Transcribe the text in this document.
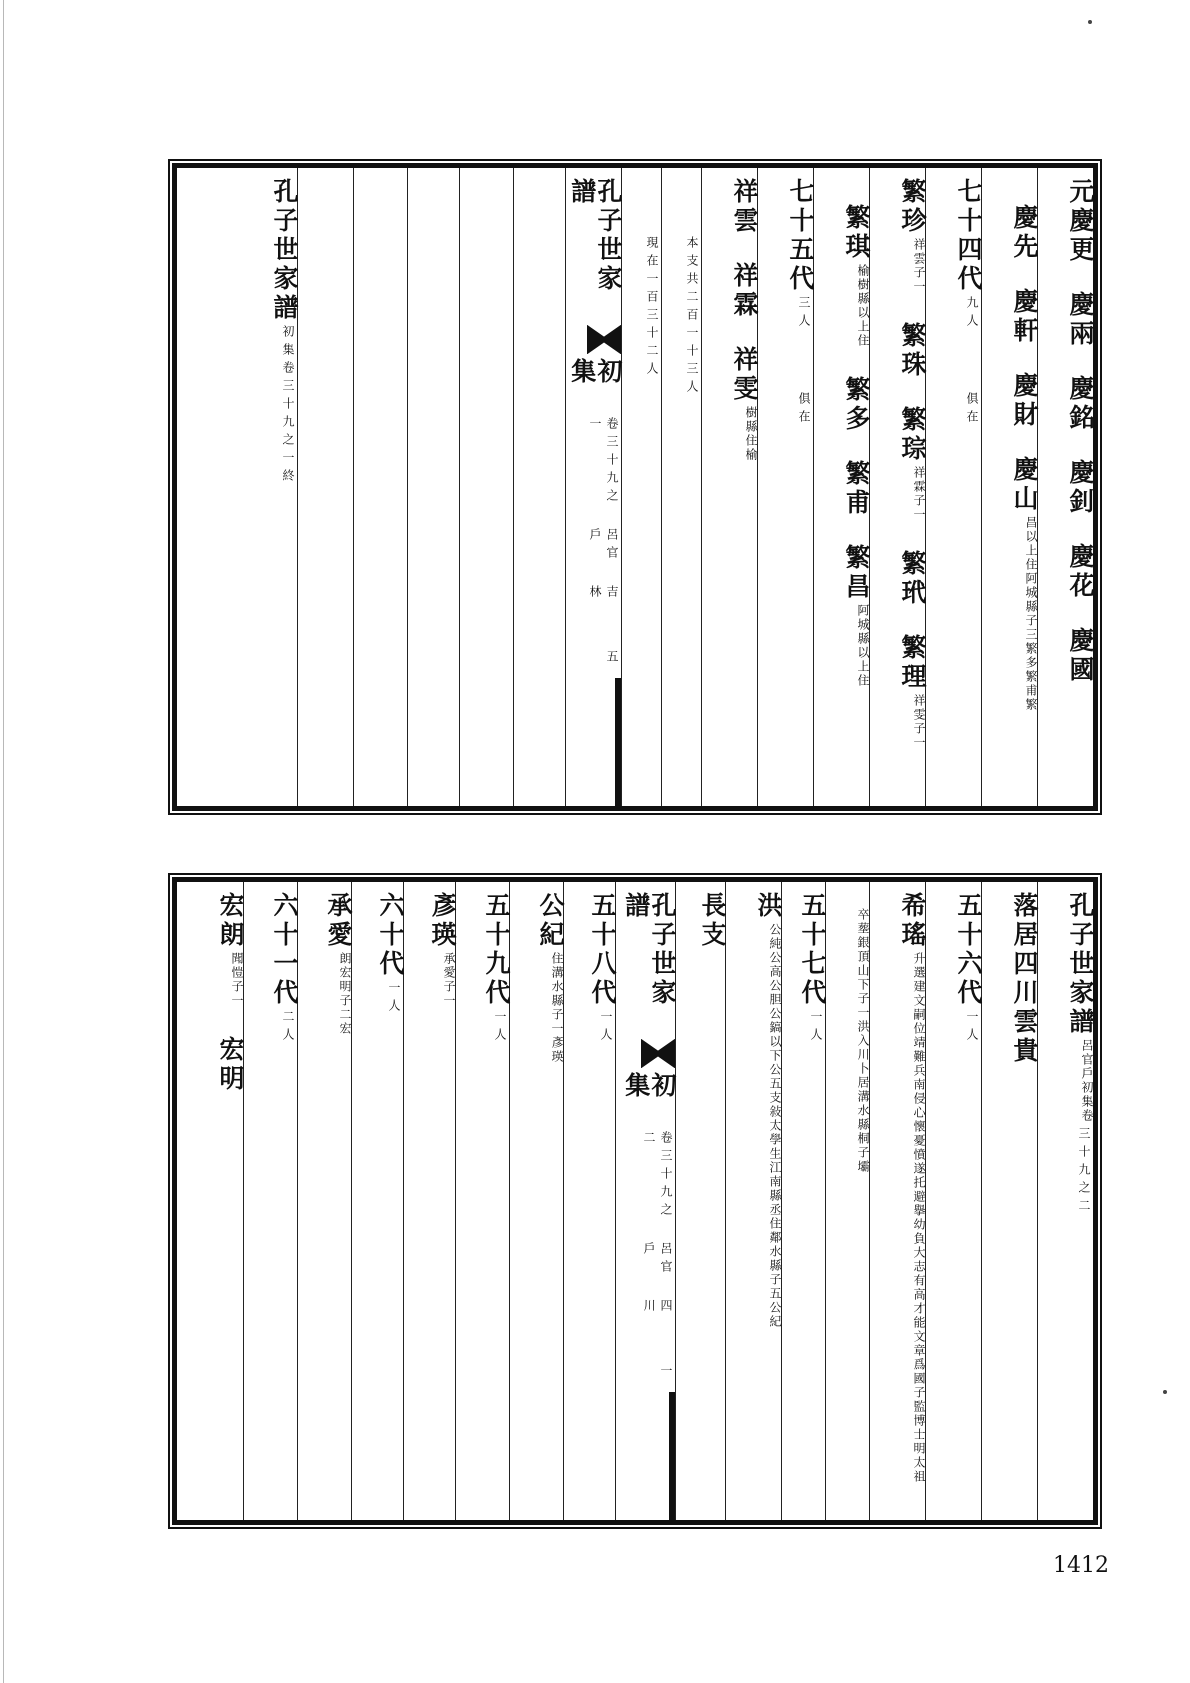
元
慶更
慶兩
慶銘
慶釗
慶花
慶國
慶先
慶軒
慶財
慶山
子三繁多繁甫繁
昌以上住阿城縣
七十四代
九人
俱在
繁珍
子一
祥雲
繁珠
繁琮
子一
祥霖
繁玳
繁理
子一
祥雯
繁琪
以上住
榆樹縣
繁多
繁甫
繁昌
以上住
阿城縣
七十五代
三人
俱在
祥雲
祥霖
祥雯
住榆
樹縣
本支共二百一十三人
現在一百三十二人
孔子世家譜
初集
卷三十九之一
呂官戶
吉林
五
孔子世家譜
初集卷三十九之一終
孔子世家譜
初集卷
呂官戶
三十九之二
落居四川雲貴
五十六代
一人
希瑤
幼負大志有高才能文章爲國子監博士明太祖
升選建文嗣位靖難兵南侵心懷憂憤遂托避擧
入川卜居溝水縣桐子壩
卒塟銀頂山下子一洪
五十七代
一人
洪
太學生江南縣丞住鄰水縣子五公紀
公純公高公胆公鎬以下公五支敍
長支
孔子世家譜
初集
卷三十九之二
呂官戶
四川
一
五十八代
一人
公紀
子一彥瑛
住溝水縣
五十九代
一人
彥瑛
子一
承愛
六十代
一人
承愛
子二宏
朗宏明
六十一代
二人
宏朗
子一
聞愷
宏明
1412
